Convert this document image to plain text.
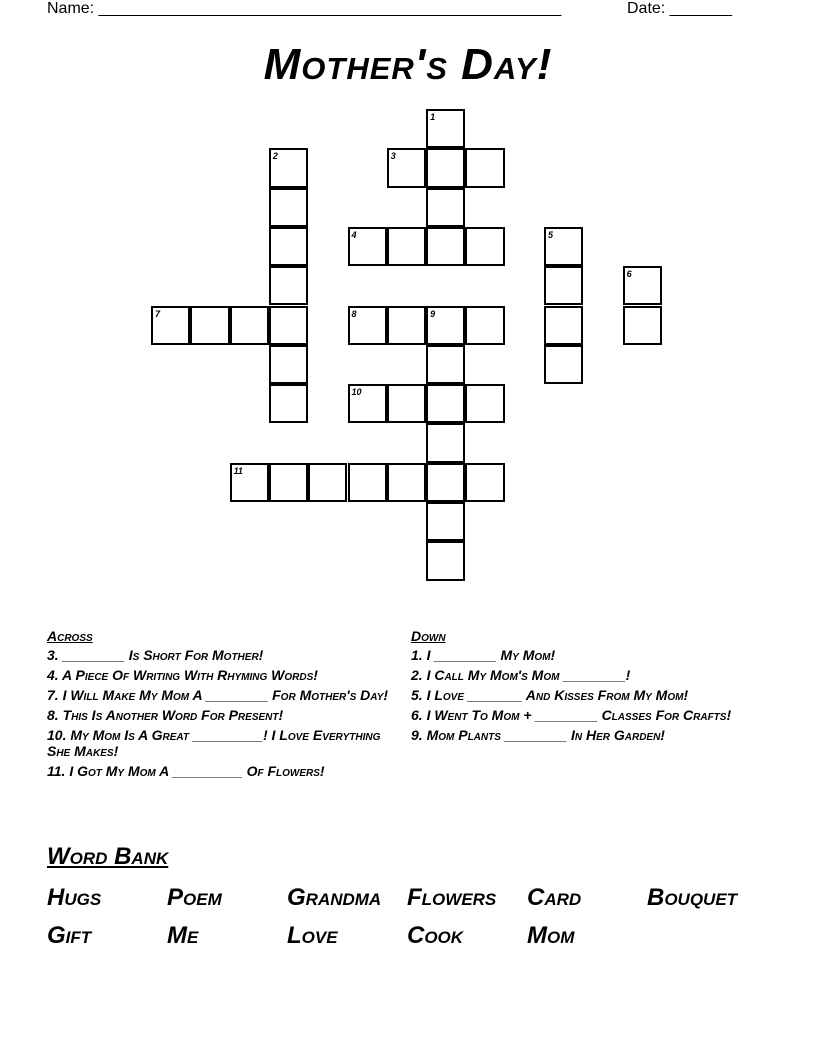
Name: ____________________________________________________	Date: _______
Mother's Day!
1
2	3
4	5
6
7	8	9
10
11
Across
3. ________ Is Short For Mother!
4. A Piece Of Writing With Rhyming Words!
7. I Will Make My Mom A ________ For Mother's Day!
8. This Is Another Word For Present!
10. My Mom Is A Great _________! I Love Everything She Makes!
11. I Got My Mom A _________ Of Flowers!
Down
1. I ________ My Mom!
2. I Call My Mom's Mom ________!
5. I Love _______ And Kisses From My Mom!
6. I Went To Mom + ________ Classes For Crafts!
9. Mom Plants ________ In Her Garden!
Word Bank
Hugs	Poem	Grandma Flowers Card	Bouquet
Gift	Me	Love	Cook	Mom
